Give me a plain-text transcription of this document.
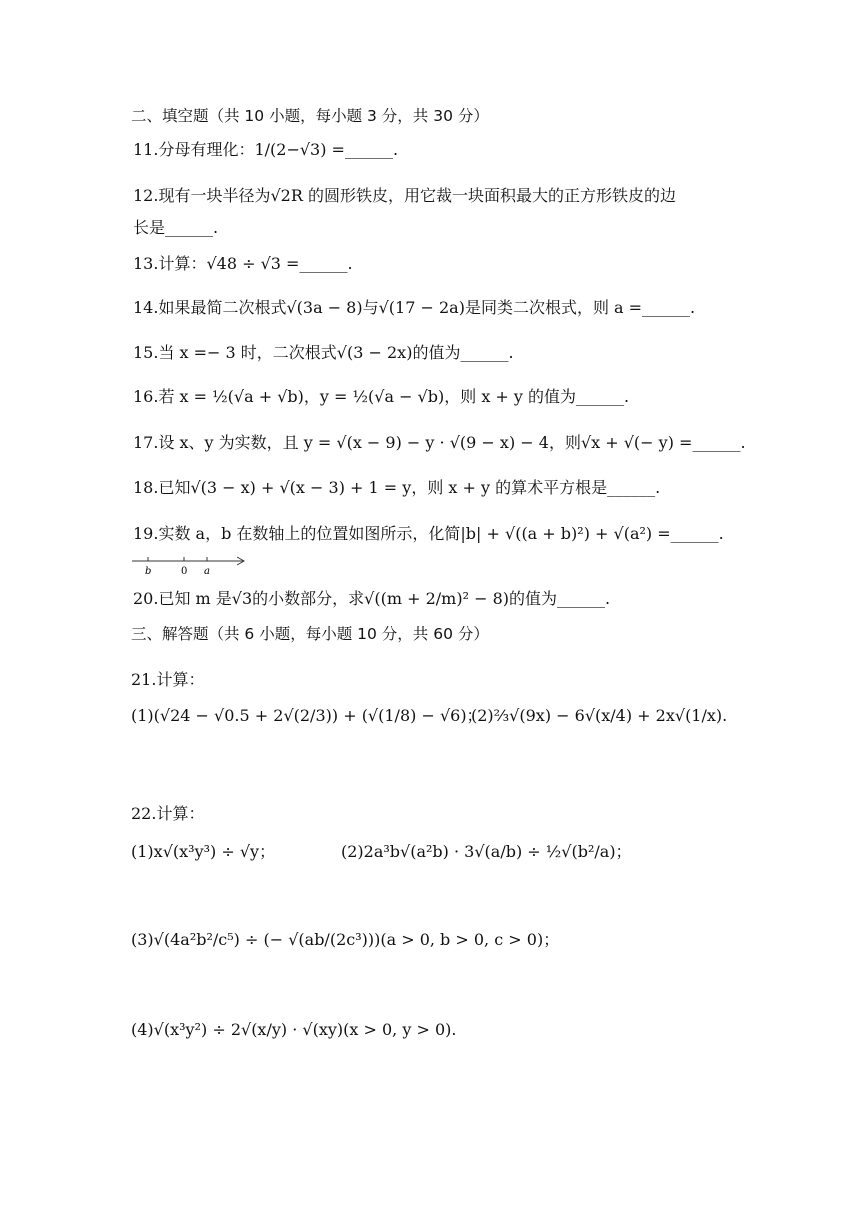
二、填空题（共 10 小题，每小题 3 分，共 30 分）
11.分母有理化：1/(2−√3) =______.
12.现有一块半径为√2R 的圆形铁皮，用它裁一块面积最大的正方形铁皮的边
长是______.
13.计算：√48 ÷ √3 =______.
14.如果最简二次根式√(3a − 8)与√(17 − 2a)是同类二次根式，则 a =______.
15.当 x =− 3 时，二次根式√(3 − 2x)的值为______.
16.若 x = ½(√a + √b)，y = ½(√a − √b)，则 x + y 的值为______.
17.设 x、y 为实数，且 y = √(x − 9) − y · √(9 − x) − 4，则√x + √(− y) =______.
18.已知√(3 − x) + √(x − 3) + 1 = y，则 x + y 的算术平方根是______.
19.实数 a，b 在数轴上的位置如图所示，化简|b| + √((a + b)²) + √(a²) =______.
b	0 a
20.已知 m 是√3的小数部分，求√((m + 2/m)² − 8)的值为______.
三、解答题（共 6 小题，每小题 10 分，共 60 分）
21.计算：
(1)(√24 − √0.5 + 2√(2/3)) + (√(1/8) − √6)；
(2)⅔√(9x) − 6√(x/4) + 2x√(1/x).
22.计算：
(1)x√(x³y³) ÷ √y；	(2)2a³b√(a²b) · 3√(a/b) ÷ ½√(b²/a)；
(3)√(4a²b²/c⁵) ÷ (− √(ab/(2c³)))(a > 0, b > 0, c > 0)；
(4)√(x³y²) ÷ 2√(x/y) · √(xy)(x > 0, y > 0).
